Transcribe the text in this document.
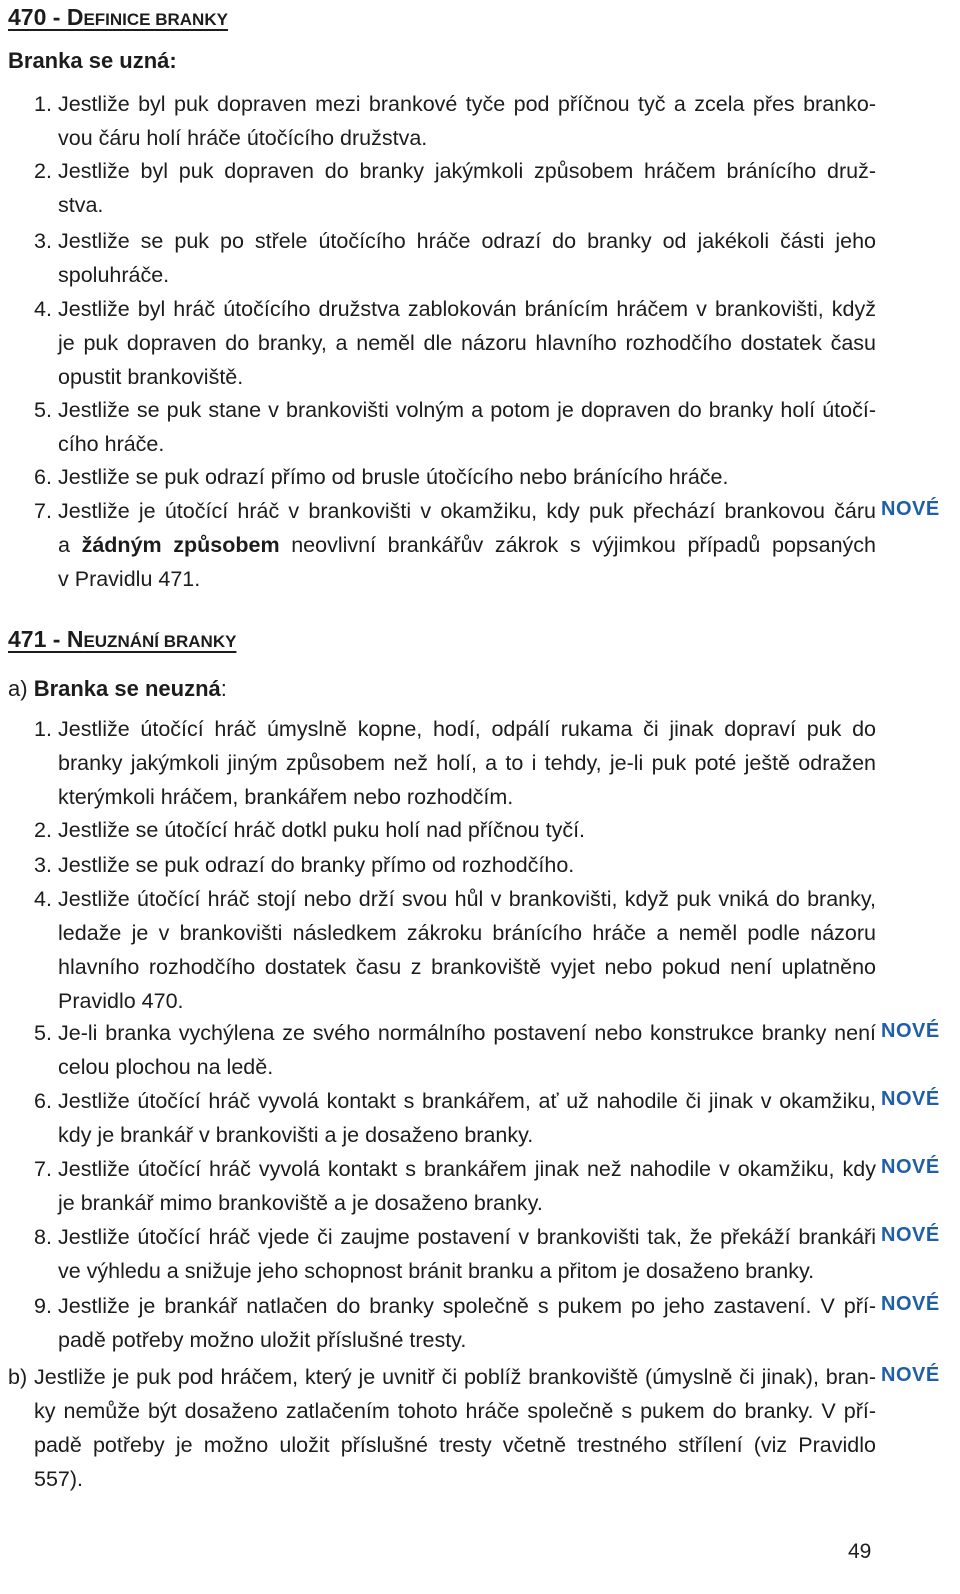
470 - DEFINICE BRANKY
Branka se uzná:
1. Jestliže byl puk dopraven mezi brankové tyče pod příčnou tyč a zcela přes branko-
vou čáru holí hráče útočícího družstva.
2. Jestliže byl puk dopraven do branky jakýmkoli způsobem hráčem bránícího druž-
stva.
3. Jestliže se puk po střele útočícího hráče odrazí do branky od jakékoli části jeho
spoluhráče.
4. Jestliže byl hráč útočícího družstva zablokován bránícím hráčem v brankovišti, když
je puk dopraven do branky, a neměl dle názoru hlavního rozhodčího dostatek času
opustit brankoviště.
5. Jestliže se puk stane v brankovišti volným a potom je dopraven do branky holí útočí-
cího hráče.
6. Jestliže se puk odrazí přímo od brusle útočícího nebo bránícího hráče.
7. Jestliže je útočící hráč v brankovišti v okamžiku, kdy puk přechází brankovou čáru
a žádným způsobem neovlivní brankářův zákrok s výjimkou případů popsaných
v Pravidlu 471.
NOVÉ
471 - NEUZNÁNÍ BRANKY
a) Branka se neuzná:
1. Jestliže útočící hráč úmyslně kopne, hodí, odpálí rukama či jinak dopraví puk do
branky jakýmkoli jiným způsobem než holí, a to i tehdy, je-li puk poté ještě odražen
kterýmkoli hráčem, brankářem nebo rozhodčím.
2. Jestliže se útočící hráč dotkl puku holí nad příčnou tyčí.
3. Jestliže se puk odrazí do branky přímo od rozhodčího.
4. Jestliže útočící hráč stojí nebo drží svou hůl v brankovišti, když puk vniká do branky,
ledaže je v brankovišti následkem zákroku bránícího hráče a neměl podle názoru
hlavního rozhodčího dostatek času z brankoviště vyjet nebo pokud není uplatněno
Pravidlo 470.
5. Je-li branka vychýlena ze svého normálního postavení nebo konstrukce branky není
celou plochou na ledě.
NOVÉ
6. Jestliže útočící hráč vyvolá kontakt s brankářem, ať už nahodile či jinak v okamžiku,
kdy je brankář v brankovišti a je dosaženo branky.
NOVÉ
7. Jestliže útočící hráč vyvolá kontakt s brankářem jinak než nahodile v okamžiku, kdy
je brankář mimo brankoviště a je dosaženo branky.
NOVÉ
8. Jestliže útočící hráč vjede či zaujme postavení v brankovišti tak, že překáží brankáři
ve výhledu a snižuje jeho schopnost bránit branku a přitom je dosaženo branky.
NOVÉ
9. Jestliže je brankář natlačen do branky společně s pukem po jeho zastavení. V pří-
padě potřeby možno uložit příslušné tresty.
NOVÉ
b) Jestliže je puk pod hráčem, který je uvnitř či poblíž brankoviště (úmyslně či jinak), bran-
ky nemůže být dosaženo zatlačením tohoto hráče společně s pukem do branky. V pří-
padě potřeby je možno uložit příslušné tresty včetně trestného střílení (viz Pravidlo
557).
NOVÉ
49
